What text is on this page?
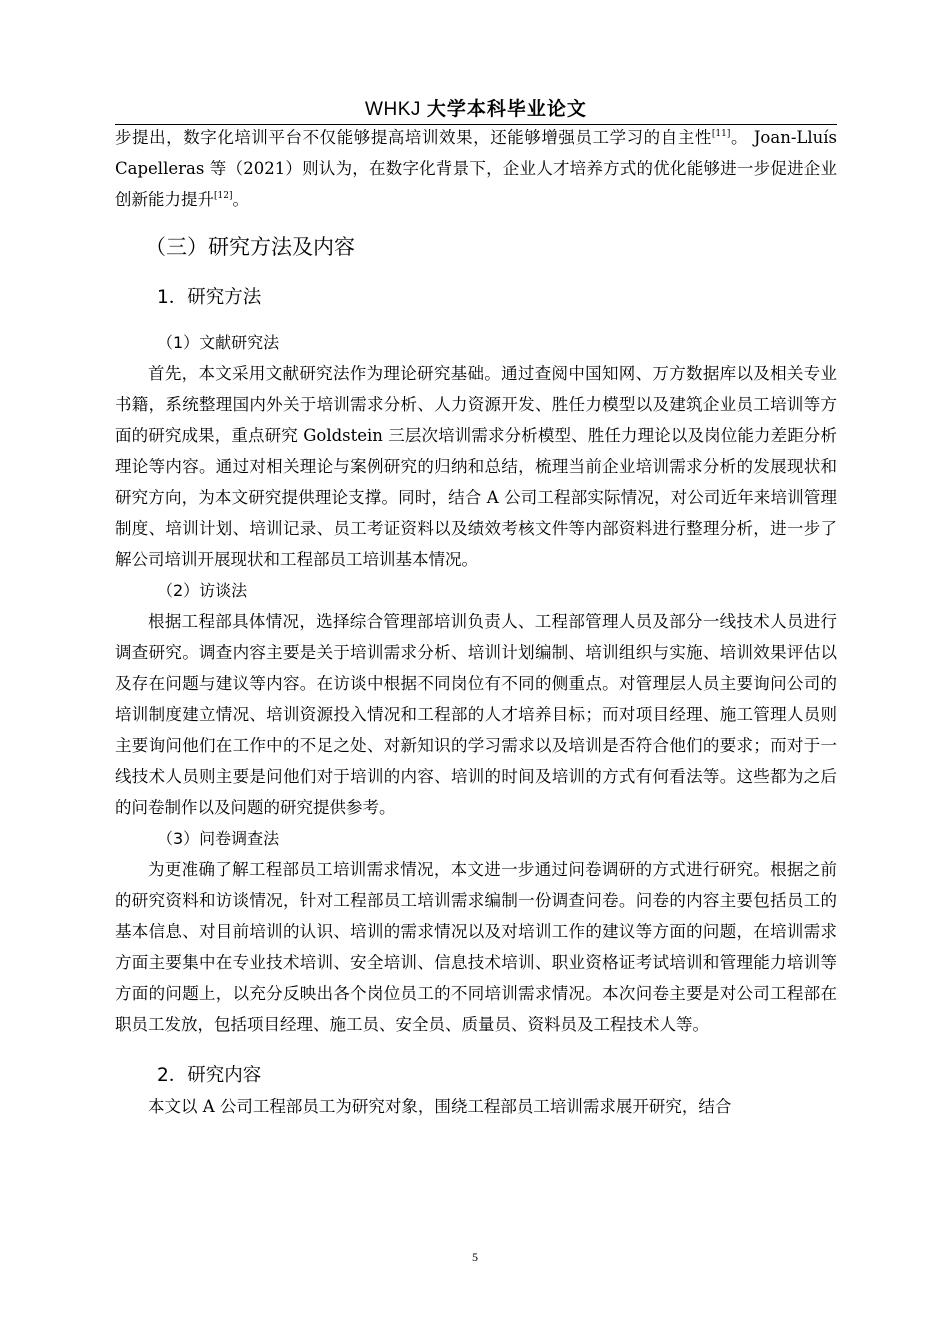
WHKJ 大学本科毕业论文

步提出，数字化培训平台不仅能够提高培训效果，还能够增强员工学习的自主性[11]。 Joan-Lluís Capelleras 等（2021）则认为，在数字化背景下，企业人才培养方式的优化能够进一步促进企业创新能力提升[12]。

（三）研究方法及内容
1．研究方法
（1）文献研究法

首先，本文采用文献研究法作为理论研究基础。通过查阅中国知网、万方数据库以及相关专业书籍，系统整理国内外关于培训需求分析、人力资源开发、胜任力模型以及建筑企业员工培训等方面的研究成果，重点研究 Goldstein 三层次培训需求分析模型、胜任力理论以及岗位能力差距分析理论等内容。通过对相关理论与案例研究的归纳和总结，梳理当前企业培训需求分析的发展现状和研究方向，为本文研究提供理论支撑。同时，结合 A 公司工程部实际情况，对公司近年来培训管理制度、培训计划、培训记录、员工考证资料以及绩效考核文件等内部资料进行整理分析，进一步了解公司培训开展现状和工程部员工培训基本情况。

（2）访谈法

根据工程部具体情况，选择综合管理部培训负责人、工程部管理人员及部分一线技术人员进行调查研究。调查内容主要是关于培训需求分析、培训计划编制、培训组织与实施、培训效果评估以及存在问题与建议等内容。在访谈中根据不同岗位有不同的侧重点。对管理层人员主要询问公司的培训制度建立情况、培训资源投入情况和工程部的人才培养目标；而对项目经理、施工管理人员则主要询问他们在工作中的不足之处、对新知识的学习需求以及培训是否符合他们的要求；而对于一线技术人员则主要是问他们对于培训的内容、培训的时间及培训的方式有何看法等。这些都为之后的问卷制作以及问题的研究提供参考。

（3）问卷调查法

为更准确了解工程部员工培训需求情况，本文进一步通过问卷调研的方式进行研究。根据之前的研究资料和访谈情况，针对工程部员工培训需求编制一份调查问卷。问卷的内容主要包括员工的基本信息、对目前培训的认识、培训的需求情况以及对培训工作的建议等方面的问题，在培训需求方面主要集中在专业技术培训、安全培训、信息技术培训、职业资格证考试培训和管理能力培训等方面的问题上，以充分反映出各个岗位员工的不同培训需求情况。本次问卷主要是对公司工程部在职员工发放，包括项目经理、施工员、安全员、质量员、资料员及工程技术人等。

2．研究内容

本文以 A 公司工程部员工为研究对象，围绕工程部员工培训需求展开研究，结合

5
